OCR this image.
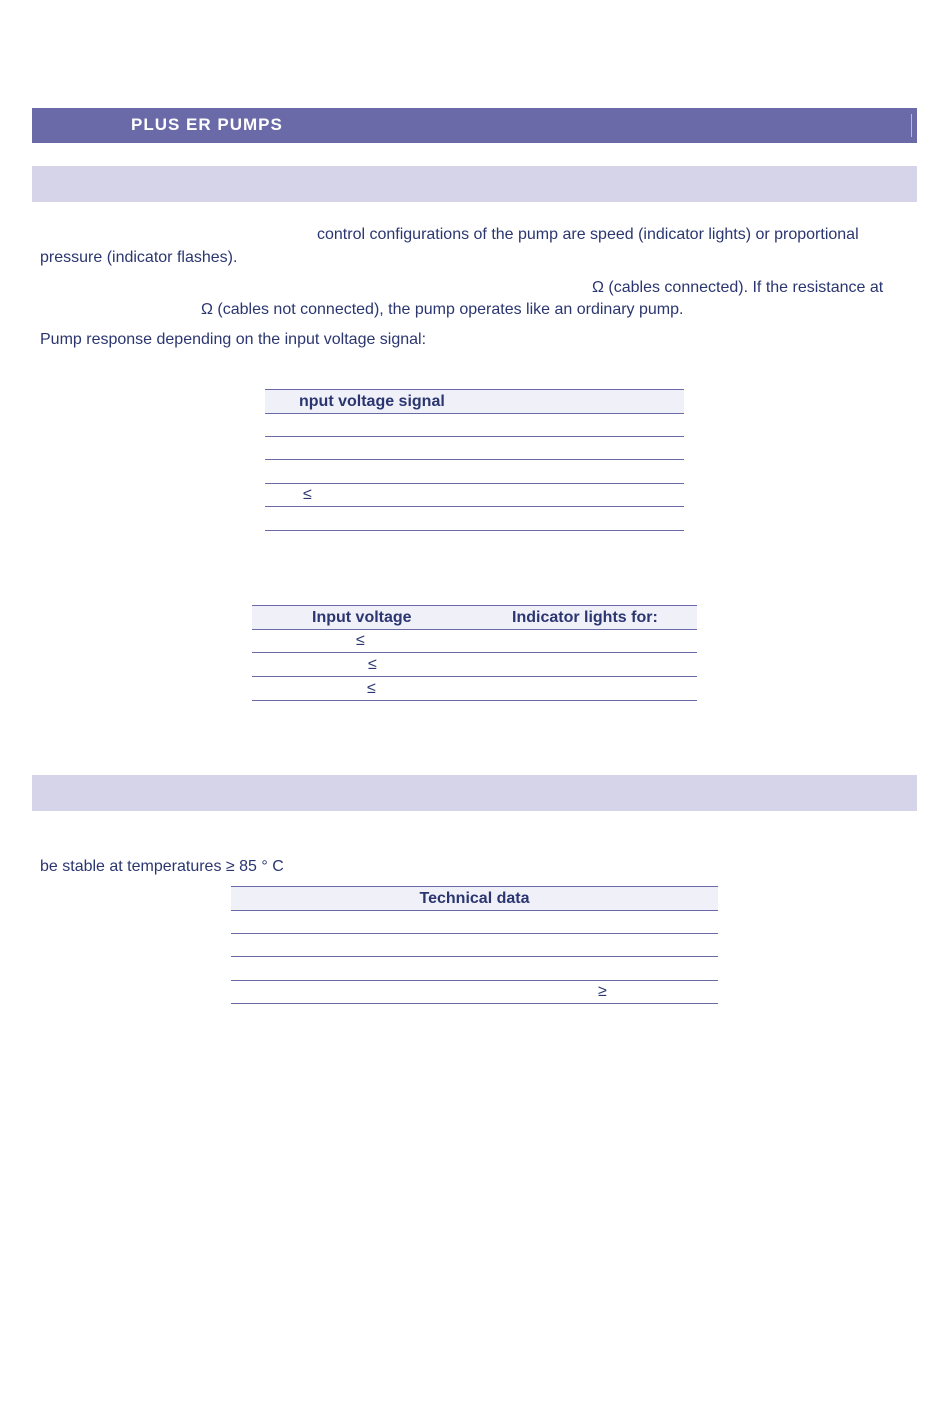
PLUS ER PUMPS
control configurations of the pump are speed (indicator lights) or proportional
pressure (indicator flashes).
Ω (cables connected). If the resistance at
Ω (cables not connected), the pump operates like an ordinary pump.
Pump response depending on the input voltage signal:
nput voltage signal
≤
Input voltage	Indicator lights for:
≤
≤
≤
be stable at temperatures ≥ 85 ° C
Technical data
≥
